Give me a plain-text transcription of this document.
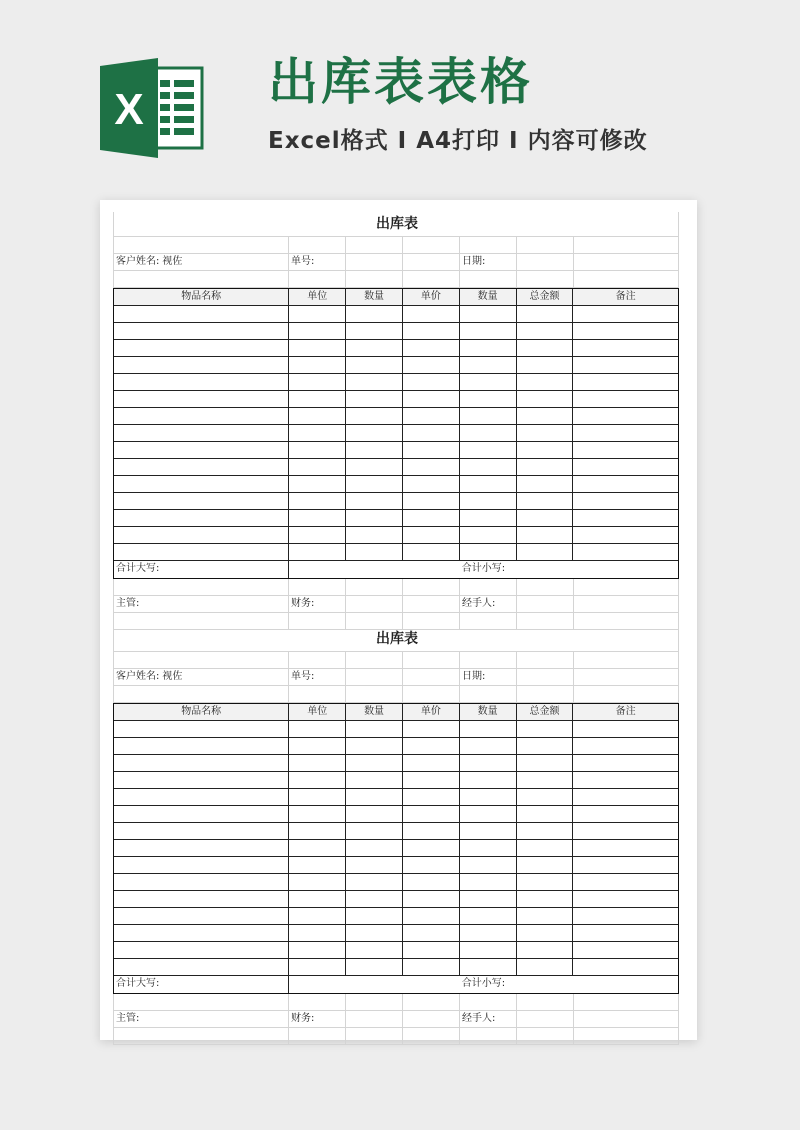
X 出库表表格
Excel格式 I A4打印 I 内容可修改
出库表
客户姓名: 视佐	单号:	日期:
物品名称	单位	数量	单价	数量	总金额	备注
合计大写:	合计小写:
主管:	财务:	经手人:
出库表
客户姓名: 视佐	单号:	日期:
物品名称	单位	数量	单价	数量	总金额	备注
合计大写:	合计小写:
主管:	财务:	经手人:
